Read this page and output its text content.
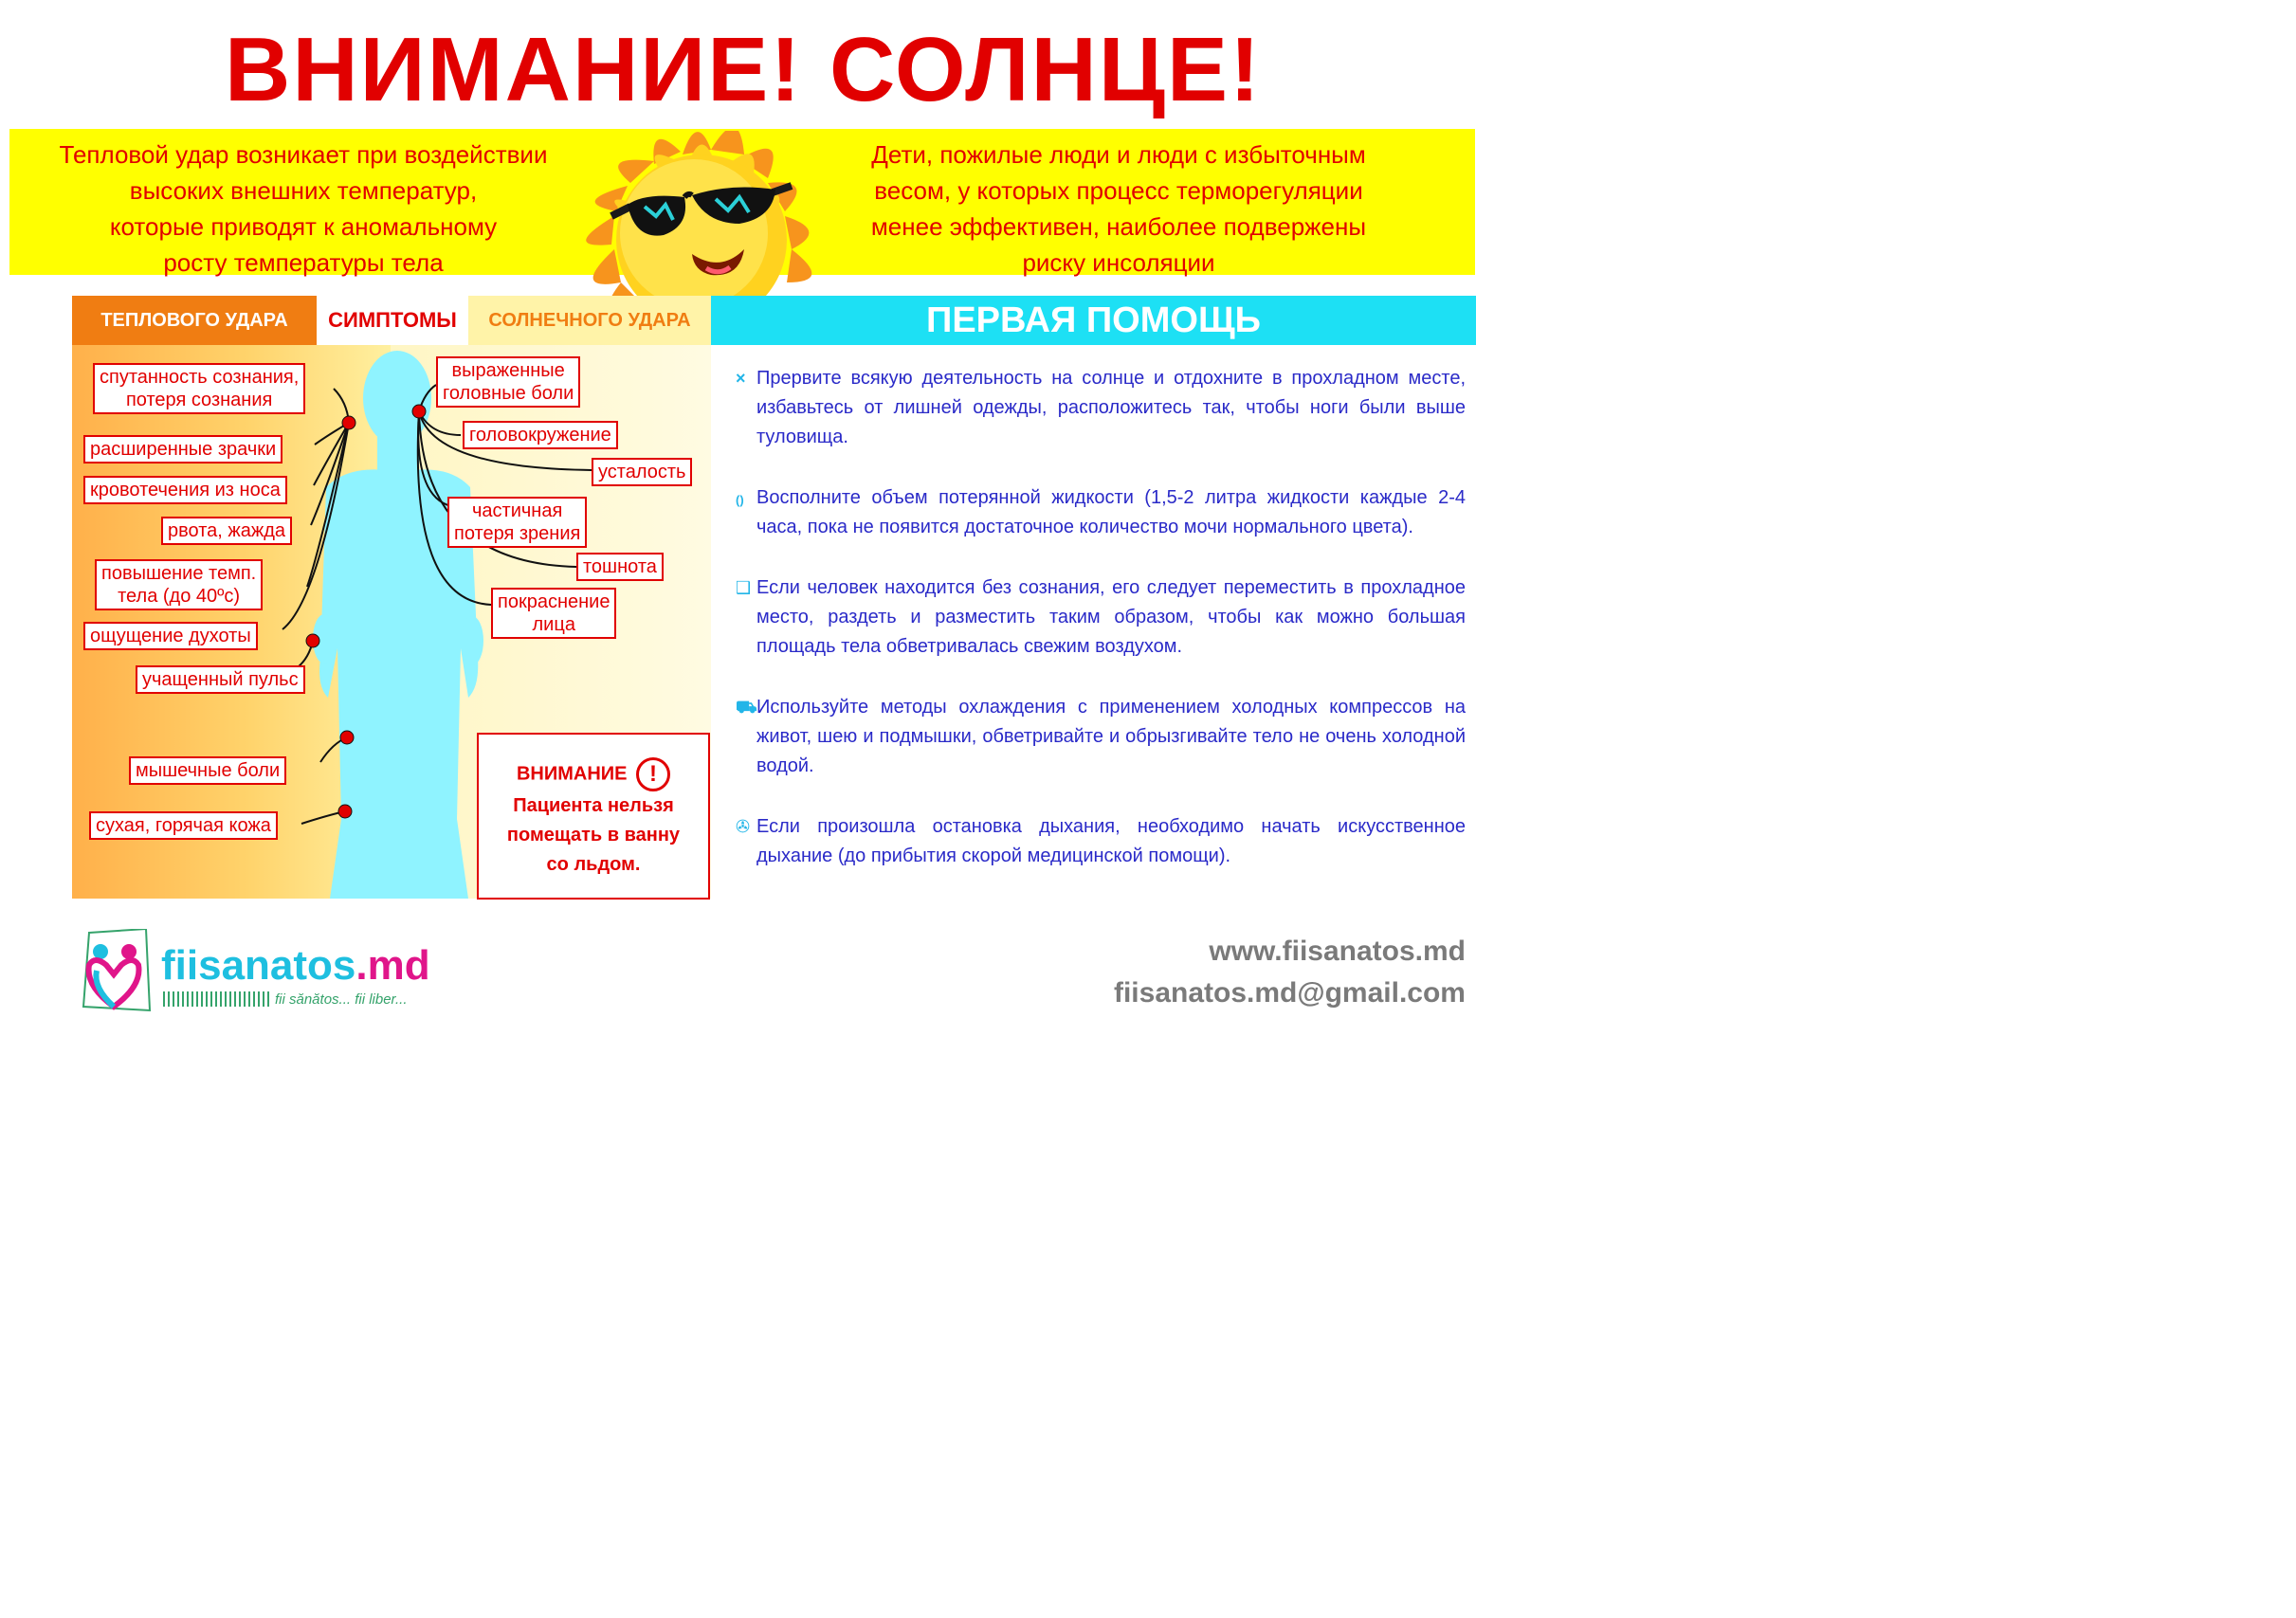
ВНИМАНИЕ! СОЛНЦЕ!
Тепловой удар возникает при воздействии
высоких внешних температур,
которые приводят к аномальному
росту температуры тела
Дети, пожилые люди и люди с избыточным
весом, у которых процесс терморегуляции
менее эффективен, наиболее подвержены
риску инсоляции
ТЕПЛОВОГО УДАРА	СИМПТОМЫ	СОЛНЕЧНОГО УДАРА
спутанность сознания,
потеря сознания
расширенные зрачки
кровотечения из носа
рвота, жажда
повышение темп.
тела (до 40ºс)
ощущение духоты
учащенный пульс
мышечные боли
сухая, горячая кожа
выраженные
головные боли
головокружение
усталость
частичная
потеря зрения
тошнота
покраснение
лица
ВНИМАНИЕ !
Пациента нельзя
помещать в ванну
со льдом.
ПЕРВАЯ ПОМОЩЬ
× Прервите всякую деятельность на солнце и отдохните в прохладном месте, избавьтесь от лишней одежды, расположитесь так, чтобы ноги были выше туловища.
() Восполните объем потерянной жидкости (1,5-2 литра жидкости каждые 2-4 часа, пока не появится достаточное количество мочи нормального цвета).
❑ Если человек находится без сознания, его следует переместить в прохладное место, раздеть и разместить таким образом, чтобы как можно большая площадь тела обветривалась свежим воздухом.
⛟ Используйте методы охлаждения с применением холодных компрессов на живот, шею и подмышки, обветривайте и обрызгивайте тело не очень холодной водой.
✇ Если произошла остановка дыхания, необходимо начать искусственное дыхание (до прибытия скорой медицинской помощи).
fiisanatos.md
fii sănătos... fii liber...
www.fiisanatos.md
fiisanatos.md@gmail.com
